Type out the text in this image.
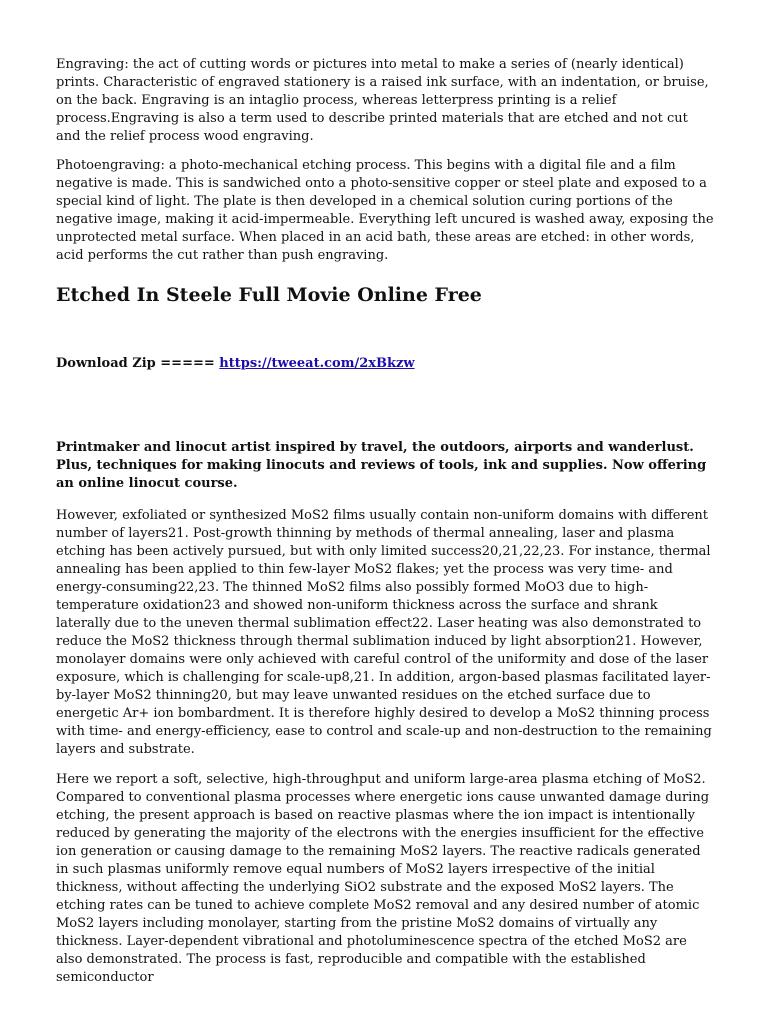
Engraving: the act of cutting words or pictures into metal to make a series of (nearly identical) prints. Characteristic of engraved stationery is a raised ink surface, with an indentation, or bruise, on the back. Engraving is an intaglio process, whereas letterpress printing is a relief process.Engraving is also a term used to describe printed materials that are etched and not cut and the relief process wood engraving.

Photoengraving: a photo-mechanical etching process. This begins with a digital file and a film negative is made. This is sandwiched onto a photo-sensitive copper or steel plate and exposed to a special kind of light. The plate is then developed in a chemical solution curing portions of the negative image, making it acid-impermeable. Everything left uncured is washed away, exposing the unprotected metal surface. When placed in an acid bath, these areas are etched: in other words, acid performs the cut rather than push engraving.

Etched In Steele Full Movie Online Free
Download Zip ===== https://tweeat.com/2xBkzw

Printmaker and linocut artist inspired by travel, the outdoors, airports and wanderlust. Plus, techniques for making linocuts and reviews of tools, ink and supplies. Now offering an online linocut course.

However, exfoliated or synthesized MoS2 films usually contain non-uniform domains with different number of layers21. Post-growth thinning by methods of thermal annealing, laser and plasma etching has been actively pursued, but with only limited success20,21,22,23. For instance, thermal annealing has been applied to thin few-layer MoS2 flakes; yet the process was very time- and energy-consuming22,23. The thinned MoS2 films also possibly formed MoO3 due to high-temperature oxidation23 and showed non-uniform thickness across the surface and shrank laterally due to the uneven thermal sublimation effect22. Laser heating was also demonstrated to reduce the MoS2 thickness through thermal sublimation induced by light absorption21. However, monolayer domains were only achieved with careful control of the uniformity and dose of the laser exposure, which is challenging for scale-up8,21. In addition, argon-based plasmas facilitated layer-by-layer MoS2 thinning20, but may leave unwanted residues on the etched surface due to energetic Ar+ ion bombardment. It is therefore highly desired to develop a MoS2 thinning process with time- and energy-efficiency, ease to control and scale-up and non-destruction to the remaining layers and substrate.

Here we report a soft, selective, high-throughput and uniform large-area plasma etching of MoS2. Compared to conventional plasma processes where energetic ions cause unwanted damage during etching, the present approach is based on reactive plasmas where the ion impact is intentionally reduced by generating the majority of the electrons with the energies insufficient for the effective ion generation or causing damage to the remaining MoS2 layers. The reactive radicals generated in such plasmas uniformly remove equal numbers of MoS2 layers irrespective of the initial thickness, without affecting the underlying SiO2 substrate and the exposed MoS2 layers. The etching rates can be tuned to achieve complete MoS2 removal and any desired number of atomic MoS2 layers including monolayer, starting from the pristine MoS2 domains of virtually any thickness. Layer-dependent vibrational and photoluminescence spectra of the etched MoS2 are also demonstrated. The process is fast, reproducible and compatible with the established semiconductor
